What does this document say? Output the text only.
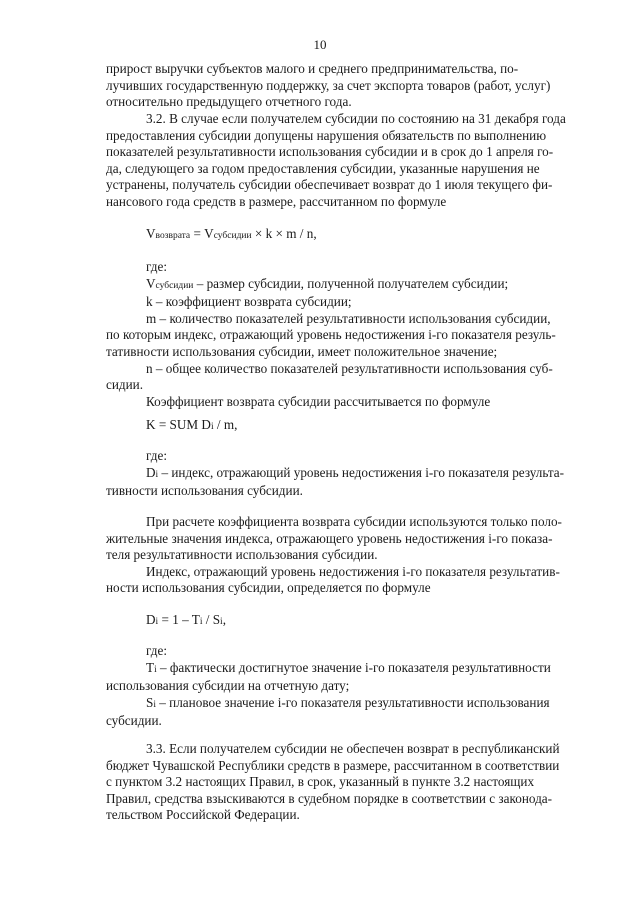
10

прирост выручки субъектов малого и среднего предпринимательства, по-

лучивших государственную поддержку, за счет экспорта товаров (работ, услуг)

относительно предыдущего отчетного года.

3.2. В случае если получателем субсидии по состоянию на 31 декабря года

предоставления субсидии допущены нарушения обязательств по выполнению

показателей результативности использования субсидии и в срок до 1 апреля го-

да, следующего за годом предоставления субсидии, указанные нарушения не

устранены, получатель субсидии обеспечивает возврат до 1 июля текущего фи-

нансового года средств в размере, рассчитанном по формуле

Vвозврата = Vсубсидии × k × m / n,

где:

Vсубсидии – размер субсидии, полученной получателем субсидии;

k – коэффициент возврата субсидии;

m – количество показателей результативности использования субсидии,

по которым индекс, отражающий уровень недостижения i-го показателя резуль-

тативности использования субсидии, имеет положительное значение;

n – общее количество показателей результативности использования суб-

сидии.

Коэффициент возврата субсидии рассчитывается по формуле

K = SUM Di / m,

где:

Di – индекс, отражающий уровень недостижения i-го показателя результа-

тивности использования субсидии.

При расчете коэффициента возврата субсидии используются только поло-

жительные значения индекса, отражающего уровень недостижения i-го показа-

теля результативности использования субсидии.

Индекс, отражающий уровень недостижения i-го показателя результатив-

ности использования субсидии, определяется по формуле

Di = 1 – Ti / Si,

где:

Ti – фактически достигнутое значение i-го показателя результативности

использования субсидии на отчетную дату;

Si – плановое значение i-го показателя результативности использования

субсидии.

3.3. Если получателем субсидии не обеспечен возврат в республиканский

бюджет Чувашской Республики средств в размере, рассчитанном в соответствии

с пунктом 3.2 настоящих Правил, в срок, указанный в пункте 3.2 настоящих

Правил, средства взыскиваются в судебном порядке в соответствии с законода-

тельством Российской Федерации.
